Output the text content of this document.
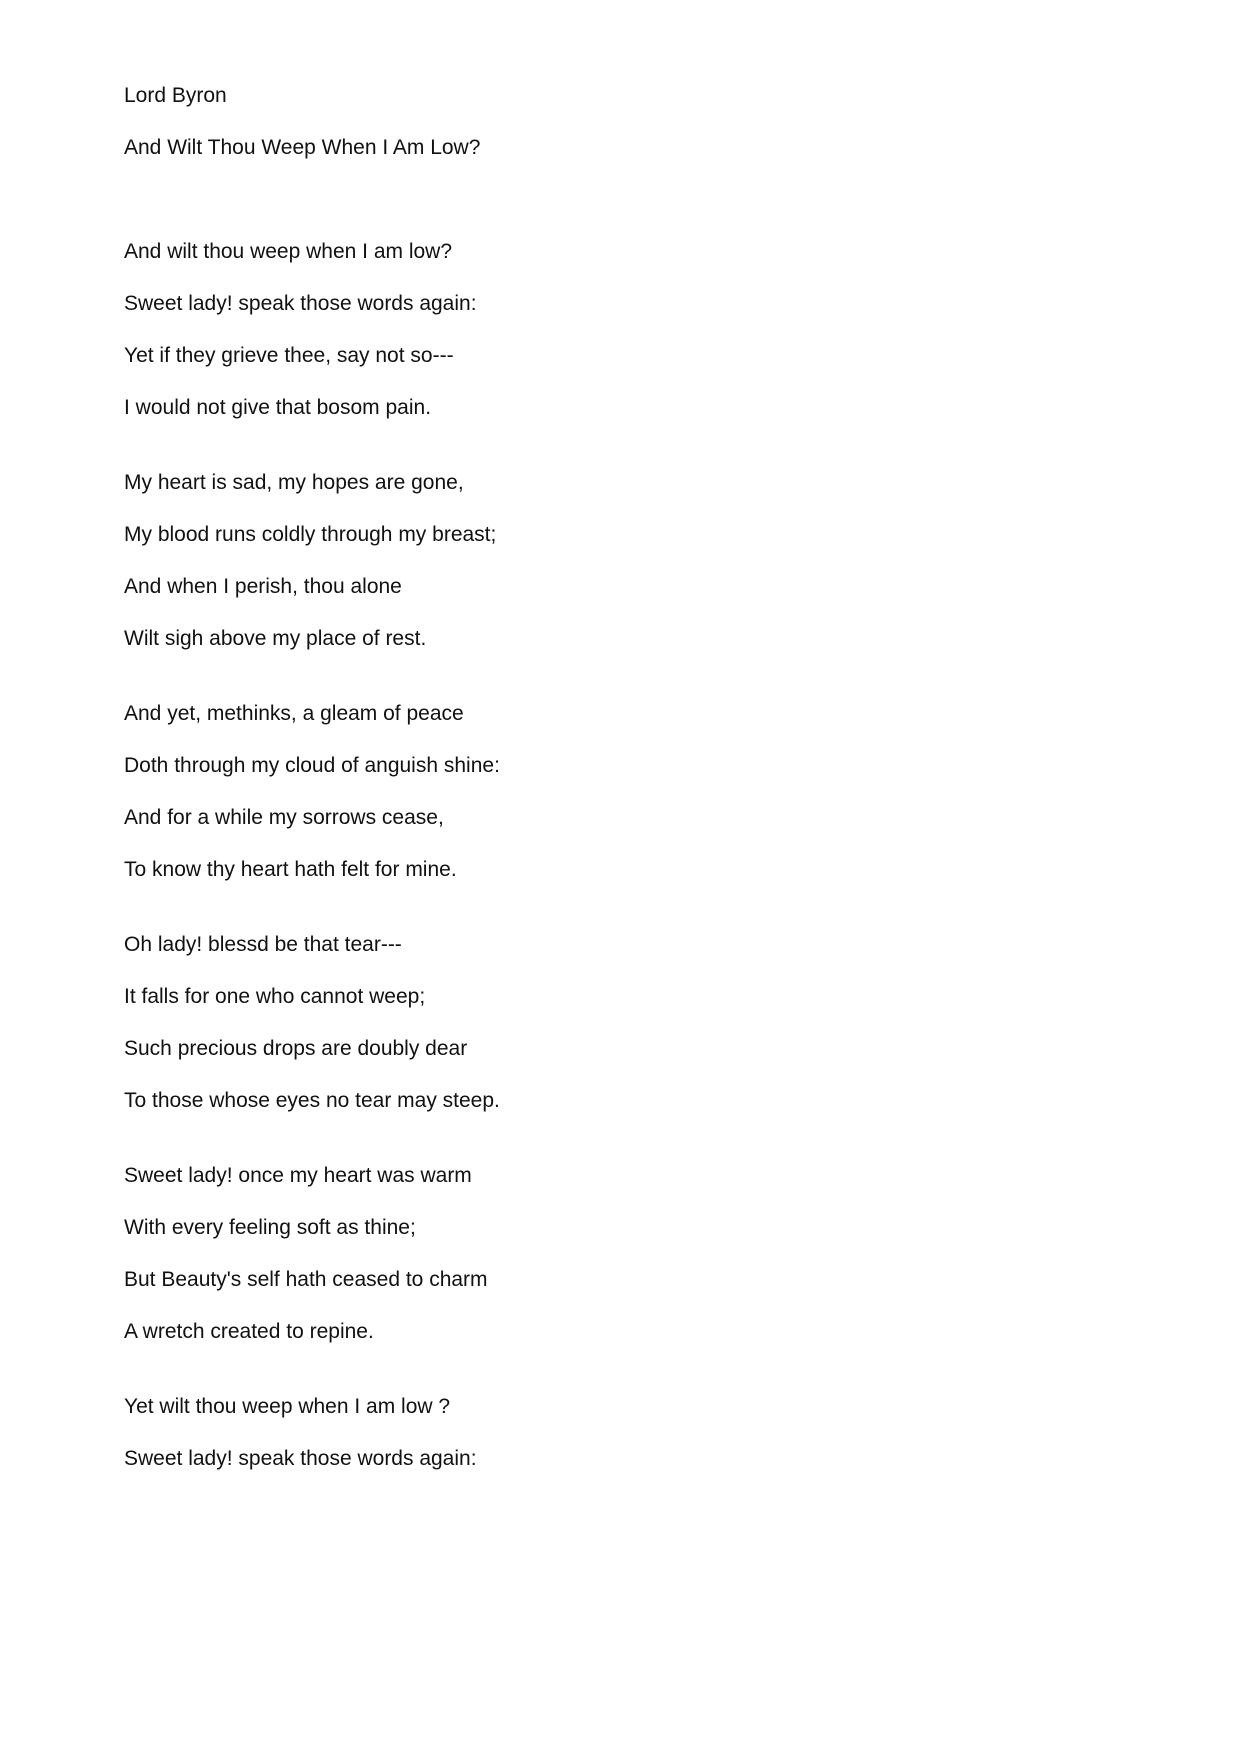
Lord Byron
And Wilt Thou Weep When I Am Low?
And wilt thou weep when I am low?
Sweet lady! speak those words again:
Yet if they grieve thee, say not so---
I would not give that bosom pain.
My heart is sad, my hopes are gone,
My blood runs coldly through my breast;
And when I perish, thou alone
Wilt sigh above my place of rest.
And yet, methinks, a gleam of peace
Doth through my cloud of anguish shine:
And for a while my sorrows cease,
To know thy heart hath felt for mine.
Oh lady! blessd be that tear---
It falls for one who cannot weep;
Such precious drops are doubly dear
To those whose eyes no tear may steep.
Sweet lady! once my heart was warm
With every feeling soft as thine;
But Beauty's self hath ceased to charm
A wretch created to repine.
Yet wilt thou weep when I am low ?
Sweet lady! speak those words again:
